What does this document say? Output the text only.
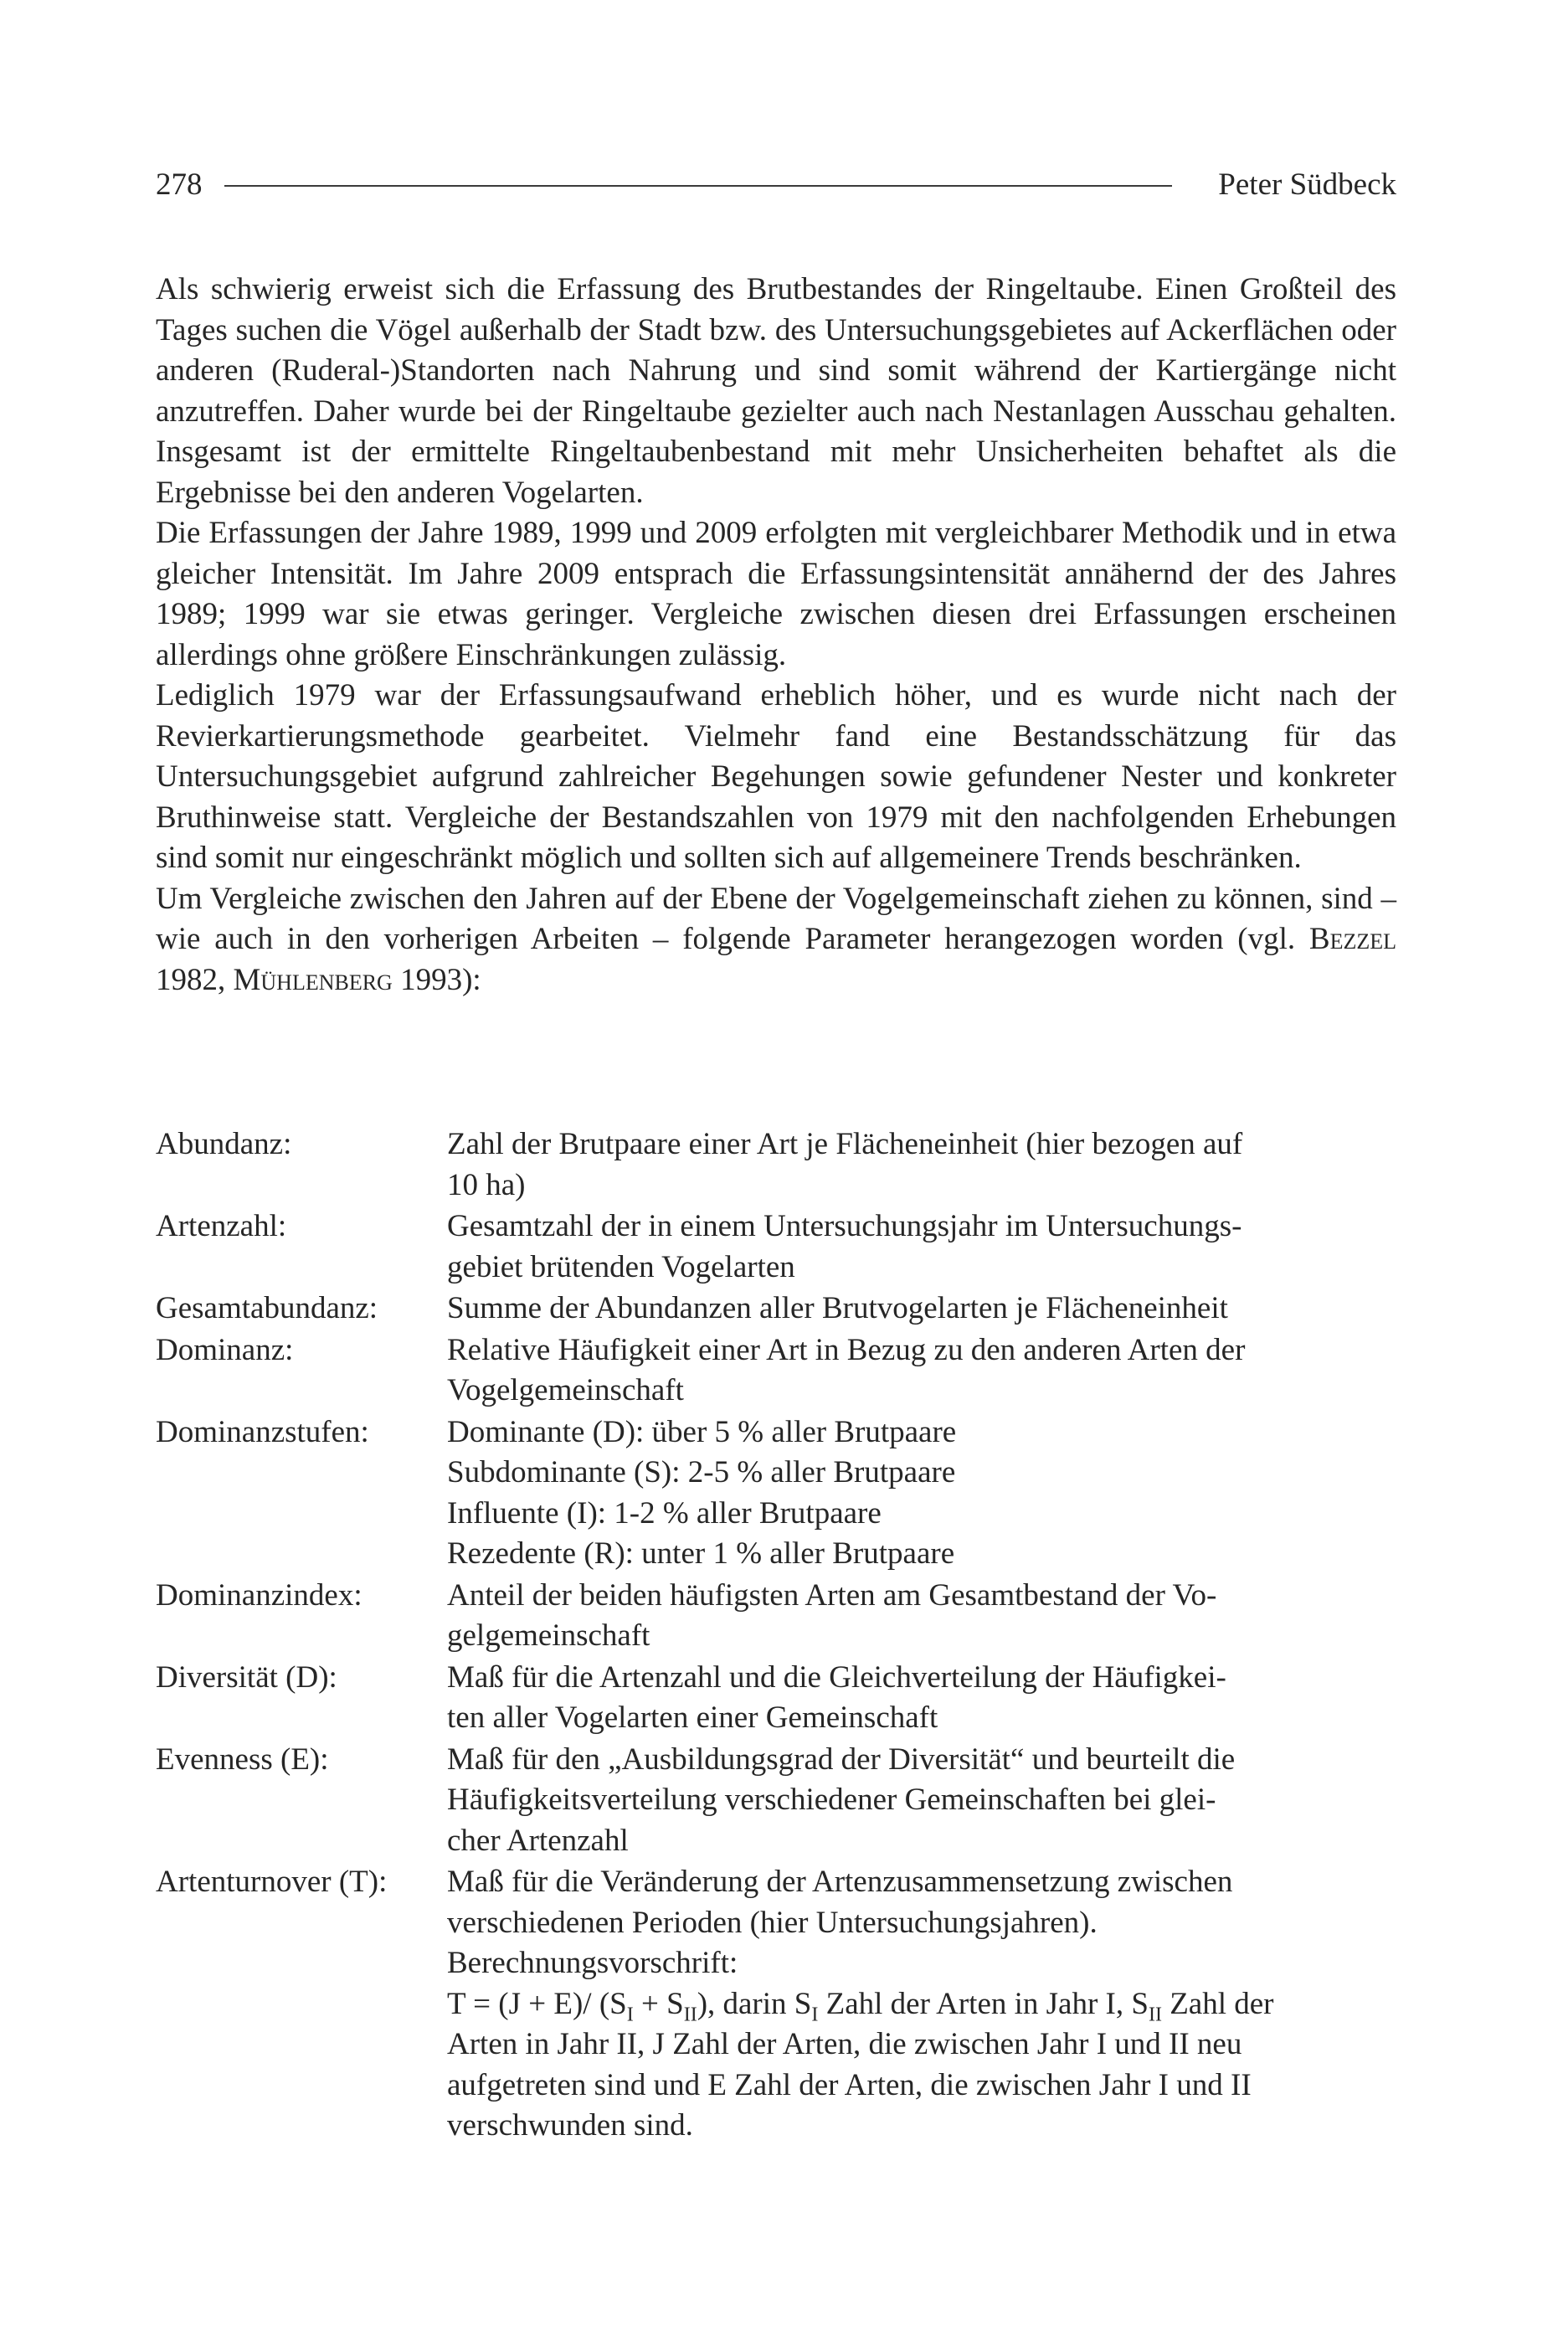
278	Peter Südbeck

Als schwierig erweist sich die Erfassung des Brutbestandes der Ringeltaube. Einen Großteil des Tages suchen die Vögel außerhalb der Stadt bzw. des Untersuchungsgebietes auf Ackerflächen oder anderen (Ruderal-)Standorten nach Nahrung und sind somit während der Kartiergänge nicht anzutreffen. Daher wurde bei der Ringeltaube gezielter auch nach Nestanlagen Ausschau gehalten. Insgesamt ist der ermittelte Ringeltaubenbestand mit mehr Unsicherheiten behaftet als die Ergebnisse bei den anderen Vogelarten.

Die Erfassungen der Jahre 1989, 1999 und 2009 erfolgten mit vergleichbarer Methodik und in etwa gleicher Intensität. Im Jahre 2009 entsprach die Erfassungsintensität annähernd der des Jahres 1989; 1999 war sie etwas geringer. Vergleiche zwischen diesen drei Erfassungen erscheinen allerdings ohne größere Einschränkungen zulässig.

Lediglich 1979 war der Erfassungsaufwand erheblich höher, und es wurde nicht nach der Revierkartierungsmethode gearbeitet. Vielmehr fand eine Bestandsschätzung für das Untersuchungsgebiet aufgrund zahlreicher Begehungen sowie gefundener Nester und konkreter Bruthinweise statt. Vergleiche der Bestandszahlen von 1979 mit den nachfolgenden Erhebungen sind somit nur eingeschränkt möglich und sollten sich auf allgemeinere Trends beschränken.

Um Vergleiche zwischen den Jahren auf der Ebene der Vogelgemeinschaft ziehen zu können, sind – wie auch in den vorherigen Arbeiten – folgende Parameter herangezogen worden (vgl. Bezzel 1982, Mühlenberg 1993):

Abundanz:	Zahl der Brutpaare einer Art je Flächeneinheit (hier bezogen auf
10 ha)
Artenzahl:	Gesamtzahl der in einem Untersuchungsjahr im Untersuchungs-
gebiet brütenden Vogelarten
Gesamtabundanz:	Summe der Abundanzen aller Brutvogelarten je Flächeneinheit
Dominanz:	Relative Häufigkeit einer Art in Bezug zu den anderen Arten der
Vogelgemeinschaft
Dominanzstufen:	Dominante (D): über 5 % aller Brutpaare
Subdominante (S): 2-5 % aller Brutpaare
Influente (I): 1-2 % aller Brutpaare
Rezedente (R): unter 1 % aller Brutpaare
Dominanzindex:	Anteil der beiden häufigsten Arten am Gesamtbestand der Vo-
gelgemeinschaft
Diversität (D):	Maß für die Artenzahl und die Gleichverteilung der Häufigkei-
ten aller Vogelarten einer Gemeinschaft
Evenness (E):	Maß für den „Ausbildungsgrad der Diversität“ und beurteilt die
Häufigkeitsverteilung verschiedener Gemeinschaften bei glei-
cher Artenzahl
Artenturnover (T):	Maß für die Veränderung der Artenzusammensetzung zwischen
verschiedenen Perioden (hier Untersuchungsjahren).
Berechnungsvorschrift:
T = (J + E)/ $(S_I + S_{II})$, darin $S_I$ Zahl der Arten in Jahr I, $S_{II}$ Zahl der
Arten in Jahr II, J Zahl der Arten, die zwischen Jahr I und II neu
aufgetreten sind und E Zahl der Arten, die zwischen Jahr I und II
verschwunden sind.
